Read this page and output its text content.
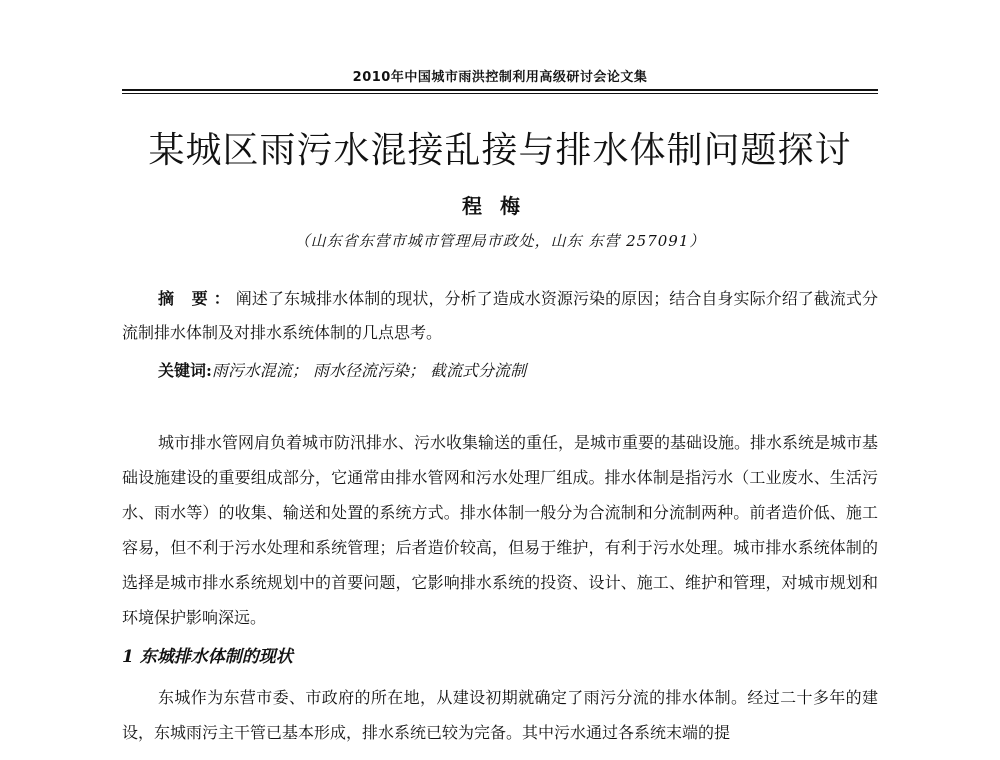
2010年中国城市雨洪控制利用高级研讨会论文集
某城区雨污水混接乱接与排水体制问题探讨
程梅
（山东省东营市城市管理局市政处，山东 东营 257091）
摘 要：阐述了东城排水体制的现状，分析了造成水资源污染的原因；结合自身实际介绍了截流式分流制排水体制及对排水系统体制的几点思考。
关键词:雨污水混流； 雨水径流污染； 截流式分流制
城市排水管网肩负着城市防汛排水、污水收集输送的重任，是城市重要的基础设施。排水系统是城市基础设施建设的重要组成部分，它通常由排水管网和污水处理厂组成。排水体制是指污水（工业废水、生活污水、雨水等）的收集、输送和处置的系统方式。排水体制一般分为合流制和分流制两种。前者造价低、施工容易，但不利于污水处理和系统管理；后者造价较高，但易于维护，有利于污水处理。城市排水系统体制的选择是城市排水系统规划中的首要问题，它影响排水系统的投资、设计、施工、维护和管理，对城市规划和环境保护影响深远。
1 东城排水体制的现状
东城作为东营市委、市政府的所在地，从建设初期就确定了雨污分流的排水体制。经过二十多年的建设，东城雨污主干管已基本形成，排水系统已较为完备。其中污水通过各系统末端的提
